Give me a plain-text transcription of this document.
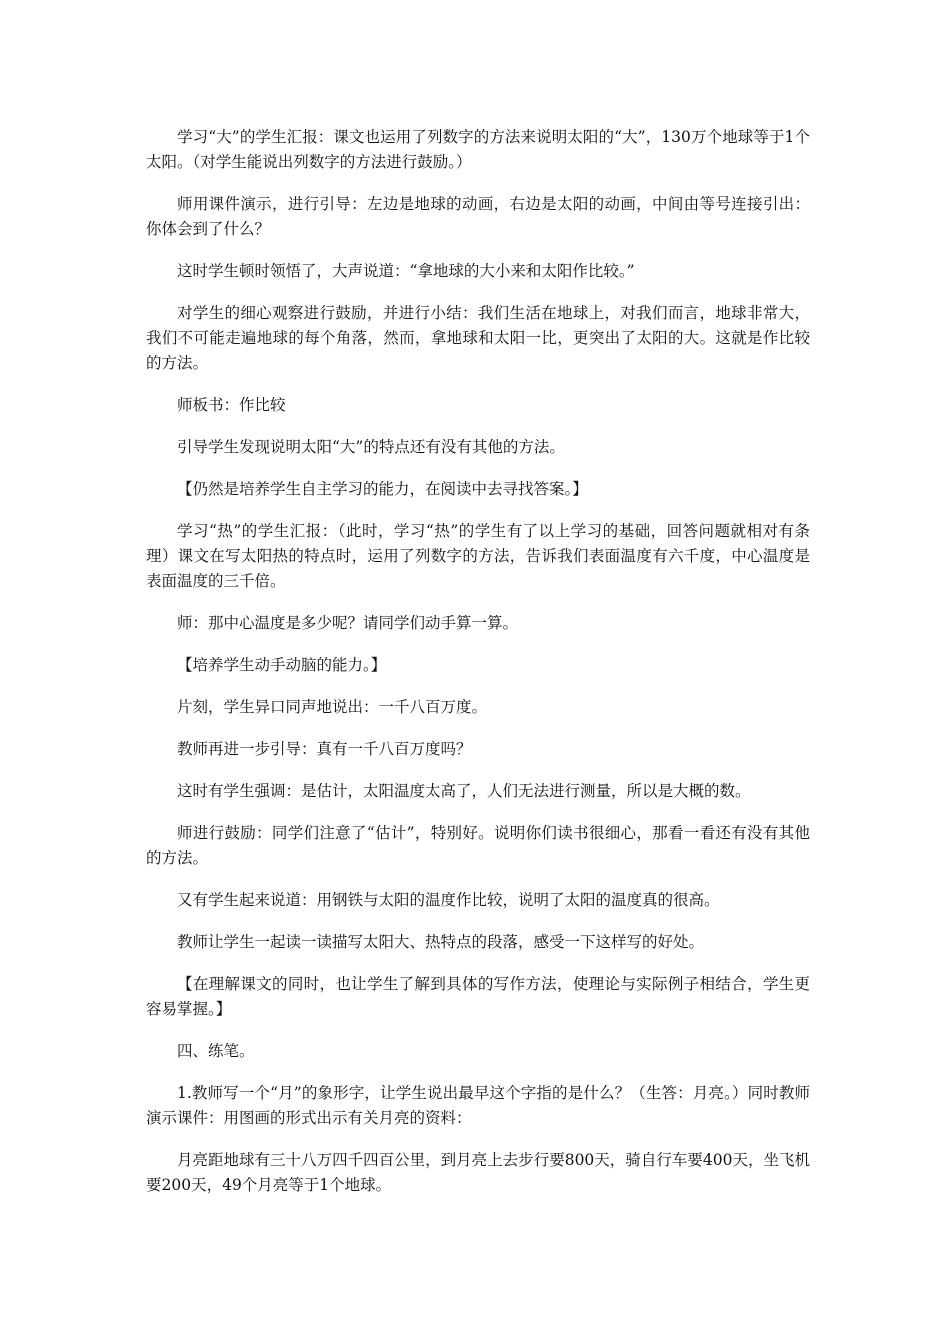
学习“大”的学生汇报：课文也运用了列数字的方法来说明太阳的“大”，130万个地球等于1个太阳。（对学生能说出列数字的方法进行鼓励。）

师用课件演示，进行引导：左边是地球的动画，右边是太阳的动画，中间由等号连接引出：你体会到了什么？

这时学生顿时领悟了，大声说道：“拿地球的大小来和太阳作比较。”

对学生的细心观察进行鼓励，并进行小结：我们生活在地球上，对我们而言，地球非常大，我们不可能走遍地球的每个角落，然而，拿地球和太阳一比，更突出了太阳的大。这就是作比较的方法。

师板书：作比较

引导学生发现说明太阳“大”的特点还有没有其他的方法。

【仍然是培养学生自主学习的能力，在阅读中去寻找答案。】

学习“热”的学生汇报：（此时，学习“热”的学生有了以上学习的基础，回答问题就相对有条理）课文在写太阳热的特点时，运用了列数字的方法，告诉我们表面温度有六千度，中心温度是表面温度的三千倍。

师：那中心温度是多少呢？请同学们动手算一算。

【培养学生动手动脑的能力。】

片刻，学生异口同声地说出：一千八百万度。

教师再进一步引导：真有一千八百万度吗？

这时有学生强调：是估计，太阳温度太高了，人们无法进行测量，所以是大概的数。

师进行鼓励：同学们注意了“估计”，特别好。说明你们读书很细心，那看一看还有没有其他的方法。

又有学生起来说道：用钢铁与太阳的温度作比较，说明了太阳的温度真的很高。

教师让学生一起读一读描写太阳大、热特点的段落，感受一下这样写的好处。

【在理解课文的同时，也让学生了解到具体的写作方法，使理论与实际例子相结合，学生更容易掌握。】

四、练笔。

1.教师写一个“月”的象形字，让学生说出最早这个字指的是什么？（生答：月亮。）同时教师演示课件：用图画的形式出示有关月亮的资料：

月亮距地球有三十八万四千四百公里，到月亮上去步行要800天，骑自行车要400天，坐飞机要200天，49个月亮等于1个地球。
